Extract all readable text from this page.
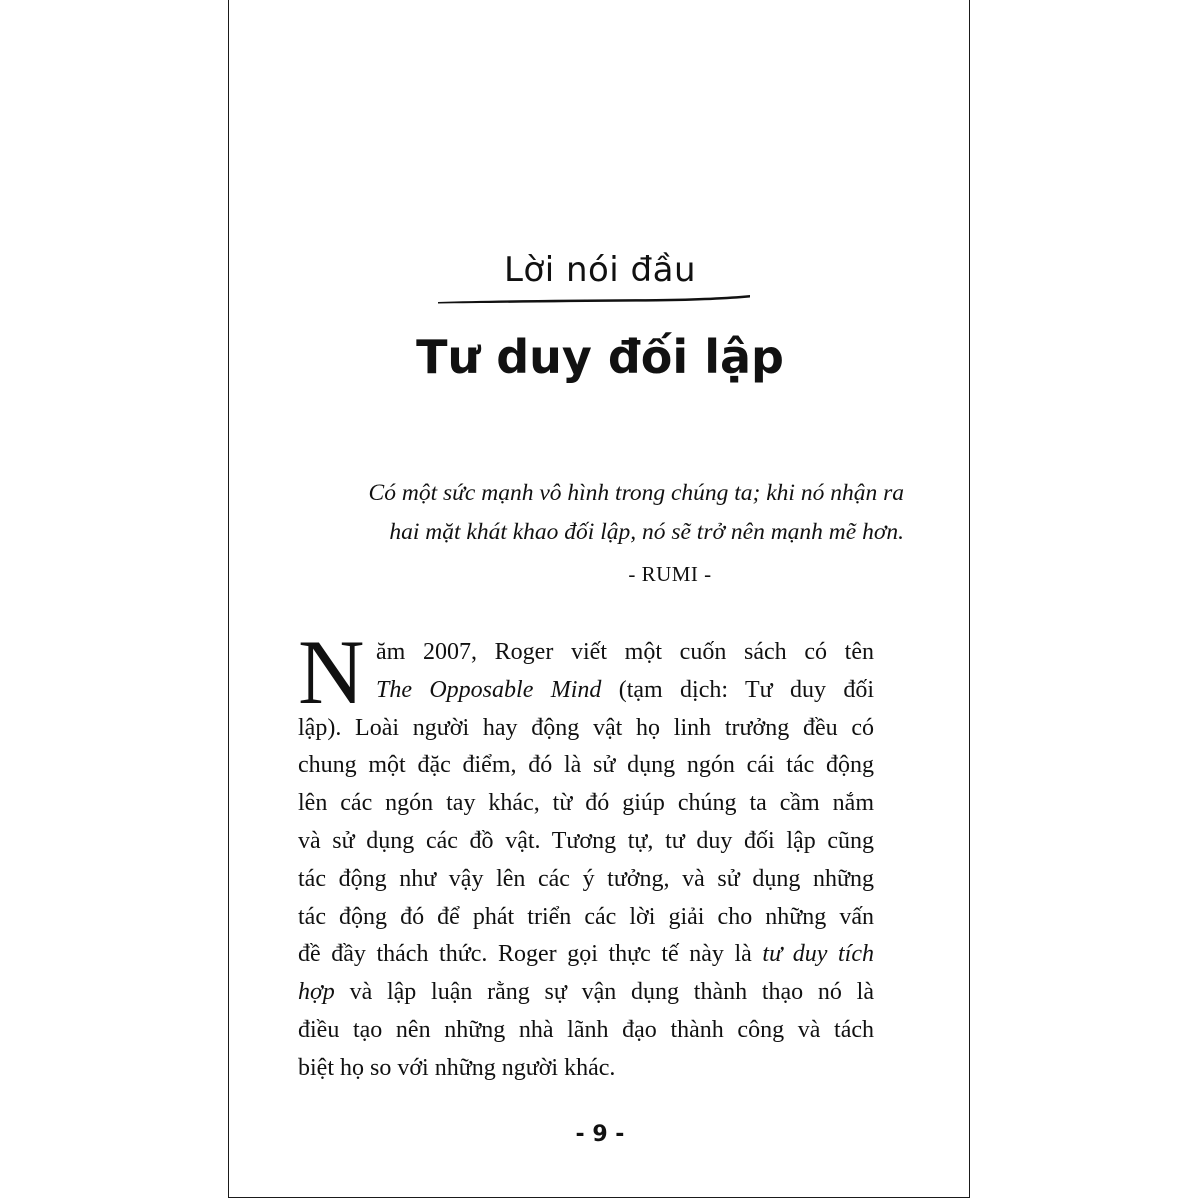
Lời nói đầu
Tư duy đối lập
Có một sức mạnh vô hình trong chúng ta; khi nó nhận ra
hai mặt khát khao đối lập, nó sẽ trở nên mạnh mẽ hơn.
- RUMI -
N ăm 2007, Roger viết một cuốn sách có tên
The Opposable Mind (tạm dịch: Tư duy đối
lập). Loài người hay động vật họ linh trưởng đều có
chung một đặc điểm, đó là sử dụng ngón cái tác động
lên các ngón tay khác, từ đó giúp chúng ta cầm nắm
và sử dụng các đồ vật. Tương tự, tư duy đối lập cũng
tác động như vậy lên các ý tưởng, và sử dụng những
tác động đó để phát triển các lời giải cho những vấn
đề đầy thách thức. Roger gọi thực tế này là tư duy tích
hợp và lập luận rằng sự vận dụng thành thạo nó là
điều tạo nên những nhà lãnh đạo thành công và tách
biệt họ so với những người khác.
- 9 -
